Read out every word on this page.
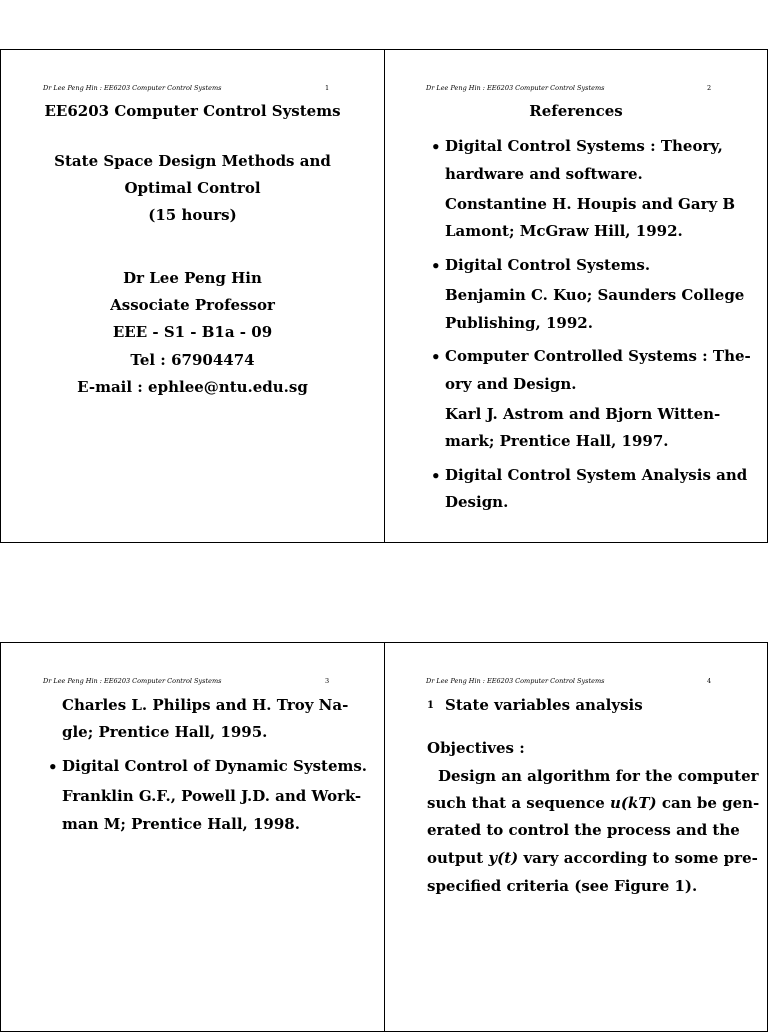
Dr Lee Peng Hin : EE6203 Computer Control Systems	1
EE6203 Computer Control Systems
State Space Design Methods and
Optimal Control
(15 hours)
Dr Lee Peng Hin
Associate Professor
EEE - S1 - B1a - 09
Tel : 67904474
E-mail : ephlee@ntu.edu.sg
Dr Lee Peng Hin : EE6203 Computer Control Systems	2
References
• Digital Control Systems : Theory,
hardware and software.
Constantine H. Houpis and Gary B
Lamont; McGraw Hill, 1992.
• Digital Control Systems.
Benjamin C. Kuo; Saunders College
Publishing, 1992.
• Computer Controlled Systems : The-
ory and Design.
Karl J. Astrom and Bjorn Witten-
mark; Prentice Hall, 1997.
• Digital Control System Analysis and
Design.
Dr Lee Peng Hin : EE6203 Computer Control Systems	3
Charles L. Philips and H. Troy Na-
gle; Prentice Hall, 1995.
• Digital Control of Dynamic Systems.
Franklin G.F., Powell J.D. and Work-
man M; Prentice Hall, 1998.
Dr Lee Peng Hin : EE6203 Computer Control Systems	4
1 State variables analysis
Objectives :
Design an algorithm for the computer
such that a sequence u(kT) can be gen-
erated to control the process and the
output y(t) vary according to some pre-
specified criteria (see Figure 1).
